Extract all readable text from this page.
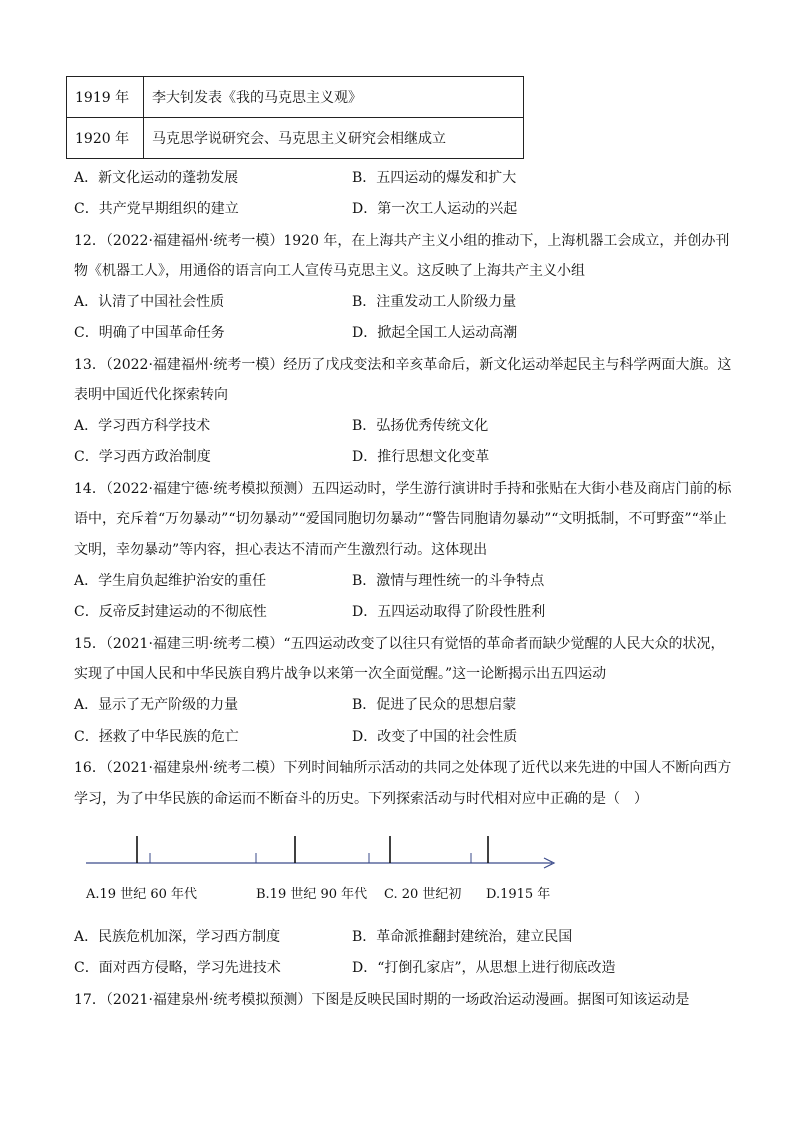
1919 年	李大钊发表《我的马克思主义观》
1920 年	马克思学说研究会、马克思主义研究会相继成立
A．新文化运动的蓬勃发展	B．五四运动的爆发和扩大
C．共产党早期组织的建立	D．第一次工人运动的兴起
12．（2022·福建福州·统考一模）1920 年，在上海共产主义小组的推动下，上海机器工会成立，并创办刊
物《机器工人》，用通俗的语言向工人宣传马克思主义。这反映了上海共产主义小组
A．认清了中国社会性质	B．注重发动工人阶级力量
C．明确了中国革命任务	D．掀起全国工人运动高潮
13．（2022·福建福州·统考一模）经历了戊戌变法和辛亥革命后，新文化运动举起民主与科学两面大旗。这
表明中国近代化探索转向
A．学习西方科学技术	B．弘扬优秀传统文化
C．学习西方政治制度	D．推行思想文化变革
14．（2022·福建宁德·统考模拟预测）五四运动时，学生游行演讲时手持和张贴在大街小巷及商店门前的标
语中，充斥着“万勿暴动”“切勿暴动”“爱国同胞切勿暴动”“警告同胞请勿暴动”“文明抵制，不可野蛮”“举止
文明，幸勿暴动”等内容，担心表达不清而产生激烈行动。这体现出
A．学生肩负起维护治安的重任	B．激情与理性统一的斗争特点
C．反帝反封建运动的不彻底性	D．五四运动取得了阶段性胜利
15．（2021·福建三明·统考二模）“五四运动改变了以往只有觉悟的革命者而缺少觉醒的人民大众的状况，
实现了中国人民和中华民族自鸦片战争以来第一次全面觉醒。”这一论断揭示出五四运动
A．显示了无产阶级的力量	B．促进了民众的思想启蒙
C．拯救了中华民族的危亡	D．改变了中国的社会性质
16．（2021·福建泉州·统考二模）下列时间轴所示活动的共同之处体现了近代以来先进的中国人不断向西方
学习，为了中华民族的命运而不断奋斗的历史。下列探索活动与时代相对应中正确的是（　）
A.19 世纪 60 年代	B.19 世纪 90 年代 C. 20 世纪初 D.1915 年
A．民族危机加深，学习西方制度	B．革命派推翻封建统治，建立民国
C．面对西方侵略，学习先进技术	D．“打倒孔家店”，从思想上进行彻底改造
17．（2021·福建泉州·统考模拟预测）下图是反映民国时期的一场政治运动漫画。据图可知该运动是
